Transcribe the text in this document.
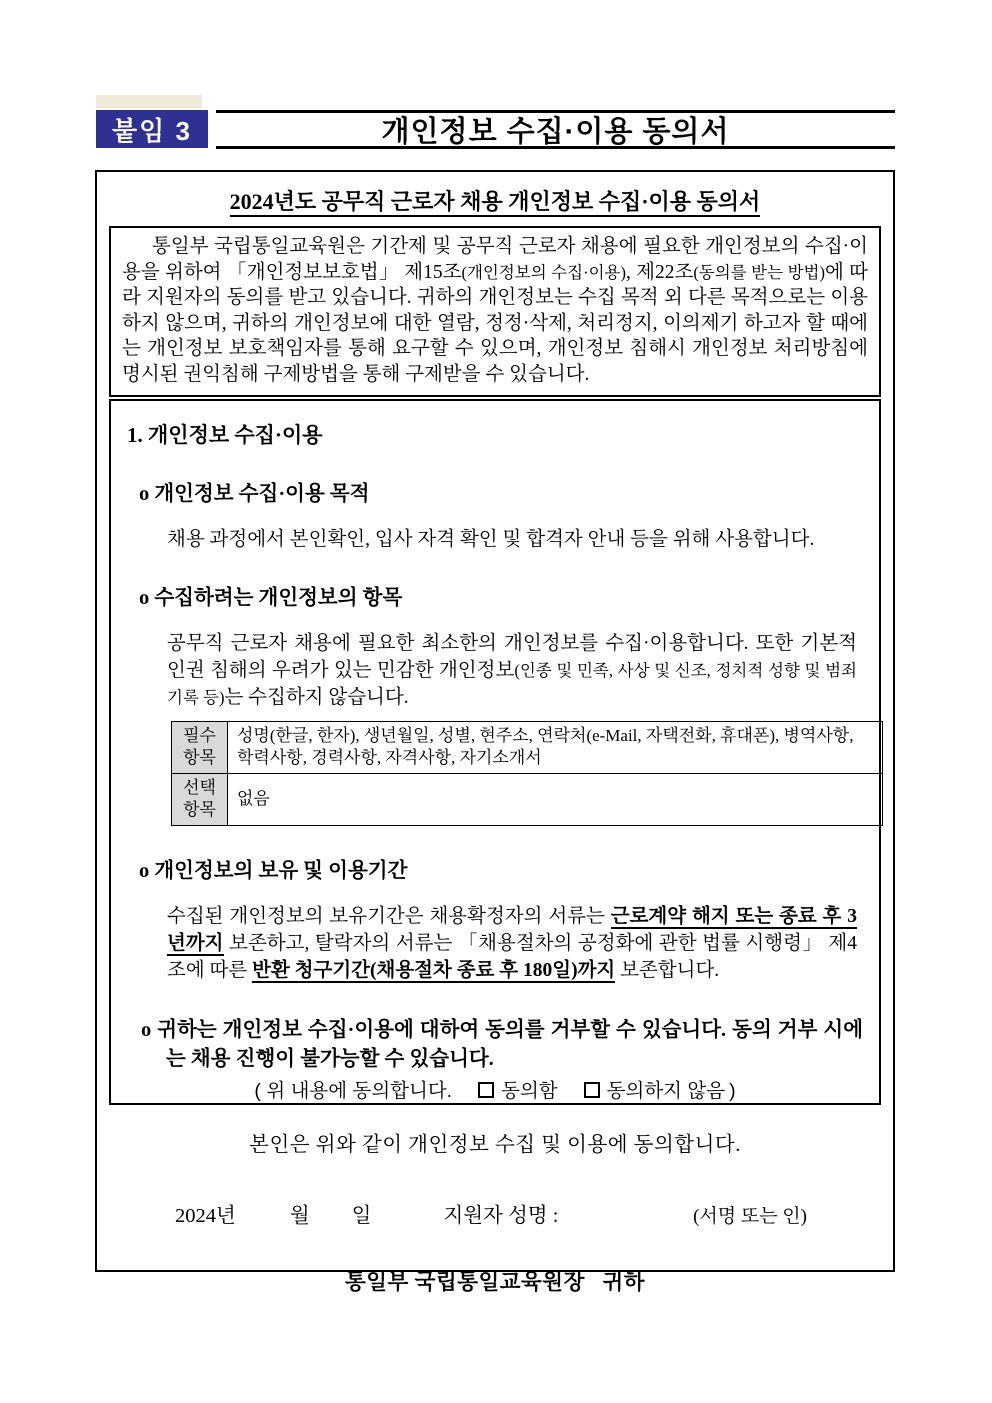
붙임 3	개인정보 수집·이용 동의서
2024년도 공무직 근로자 채용 개인정보 수집·이용 동의서
통일부 국립통일교육원은 기간제 및 공무직 근로자 채용에 필요한 개인정보의 수집·이용을 위하여 「개인정보보호법」 제15조(개인정보의 수집·이용), 제22조(동의를 받는 방법)에 따라 지원자의 동의를 받고 있습니다. 귀하의 개인정보는 수집 목적 외 다른 목적으로는 이용하지 않으며, 귀하의 개인정보에 대한 열람, 정정·삭제, 처리정지, 이의제기 하고자 할 때에는 개인정보 보호책임자를 통해 요구할 수 있으며, 개인정보 침해시 개인정보 처리방침에 명시된 권익침해 구제방법을 통해 구제받을 수 있습니다.
1. 개인정보 수집·이용
o 개인정보 수집·이용 목적
채용 과정에서 본인확인, 입사 자격 확인 및 합격자 안내 등을 위해 사용합니다.
o 수집하려는 개인정보의 항목
공무직 근로자 채용에 필요한 최소한의 개인정보를 수집·이용합니다. 또한 기본적 인권 침해의 우려가 있는 민감한 개인정보(인종 및 민족, 사상 및 신조, 정치적 성향 및 범죄기록 등)는 수집하지 않습니다.
필수 항목	성명(한글, 한자), 생년월일, 성별, 현주소, 연락처(e-Mail, 자택전화, 휴대폰), 병역사항, 학력사항, 경력사항, 자격사항, 자기소개서
선택 항목	없음
o 개인정보의 보유 및 이용기간
수집된 개인정보의 보유기간은 채용확정자의 서류는 근로계약 해지 또는 종료 후 3년까지 보존하고, 탈락자의 서류는 「채용절차의 공정화에 관한 법률 시행령」 제4조에 따른 반환 청구기간(채용절차 종료 후 180일)까지 보존합니다.
o 귀하는 개인정보 수집·이용에 대하여 동의를 거부할 수 있습니다. 동의 거부 시에는 채용 진행이 불가능할 수 있습니다.
( 위 내용에 동의합니다.	동의함	동의하지 않음 )
본인은 위와 같이 개인정보 수집 및 이용에 동의합니다.
2024년	월 일	지원자 성명 :	(서명 또는 인)
통일부 국립통일교육원장   귀하
